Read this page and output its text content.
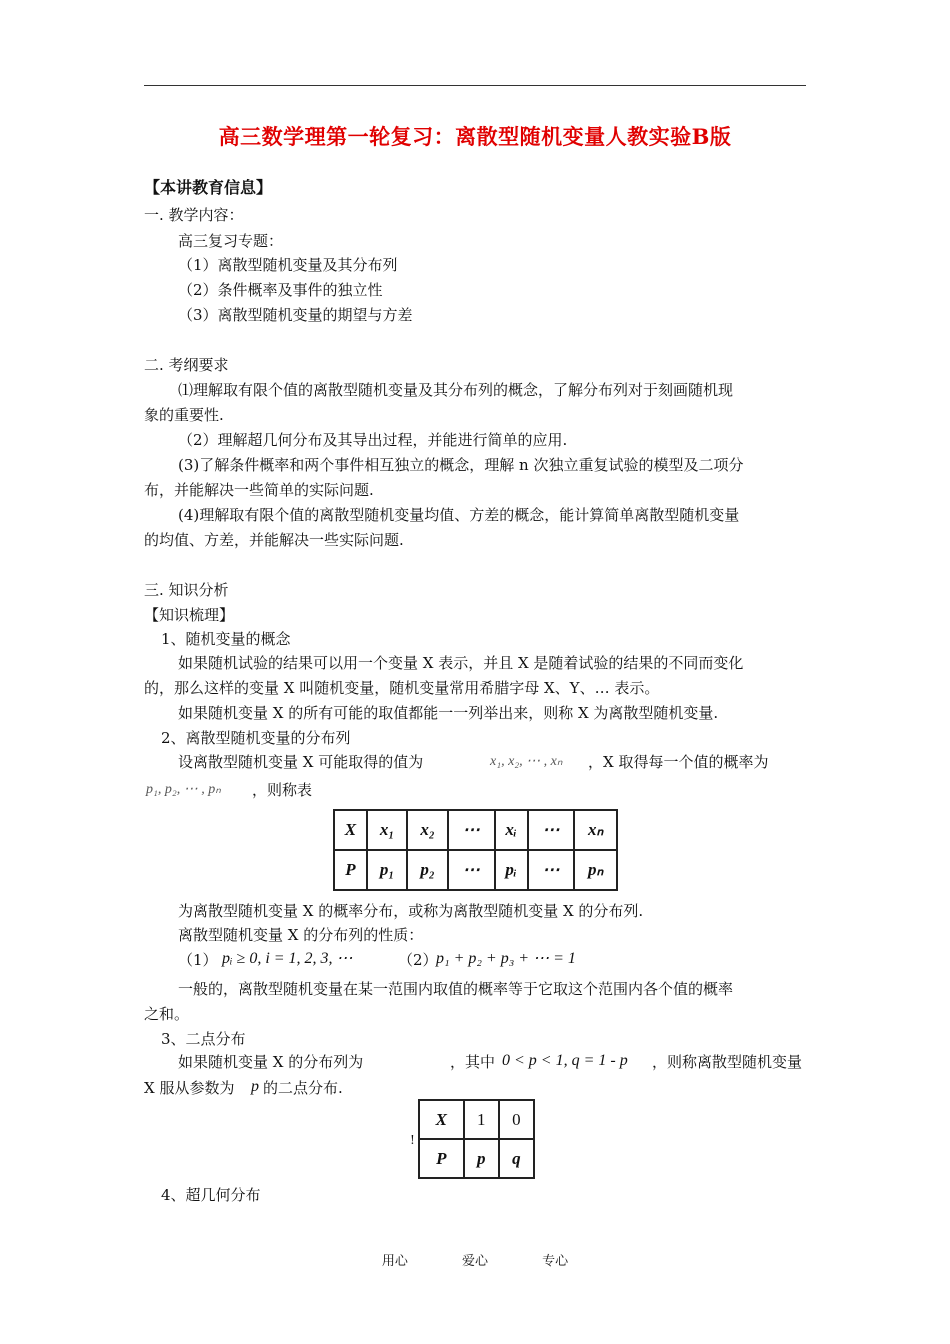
高三数学理第一轮复习：离散型随机变量人教实验B版
【本讲教育信息】
一. 教学内容：
高三复习专题：
（1）离散型随机变量及其分布列
（2）条件概率及事件的独立性
（3）离散型随机变量的期望与方差
二. 考纲要求
⑴理解取有限个值的离散型随机变量及其分布列的概念，了解分布列对于刻画随机现
象的重要性.
（2）理解超几何分布及其导出过程，并能进行简单的应用.
(3)了解条件概率和两个事件相互独立的概念，理解 n 次独立重复试验的模型及二项分
布，并能解决一些简单的实际问题.
(4)理解取有限个值的离散型随机变量均值、方差的概念，能计算简单离散型随机变量
的均值、方差，并能解决一些实际问题.
三. 知识分析
【知识梳理】
1、随机变量的概念
如果随机试验的结果可以用一个变量 X 表示，并且 X 是随着试验的结果的不同而变化
的，那么这样的变量 X 叫随机变量，随机变量常用希腊字母 X、Y、… 表示。
如果随机变量 X 的所有可能的取值都能一一列举出来，则称 X 为离散型随机变量.
2、离散型随机变量的分布列
设离散型随机变量 X 可能取得的值为	x₁, x₂, ⋯ , xₙ ，X 取得每一个值的概率为
p₁, p₂, ⋯ , pₙ ，则称表
X	x₁	x₂	⋯	xᵢ	⋯	xₙ
P	p₁	p₂	⋯	pᵢ	⋯	pₙ
为离散型随机变量 X 的概率分布，或称为离散型随机变量 X 的分布列.
离散型随机变量 X 的分布列的性质：
（1） pᵢ ≥ 0, i = 1, 2, 3, ⋯	（2）
p₁ + p₂ + p₃ + ⋯ = 1
一般的，离散型随机变量在某一范围内取值的概率等于它取这个范围内各个值的概率
之和。
3、二点分布
如果随机变量 X 的分布列为	，其中 0 < p < 1, q = 1 - p ，则称离散型随机变量
X 服从参数为 p 的二点分布.
!
X	1	0
P	p	q
4、超几何分布
用心	爱心	专心
